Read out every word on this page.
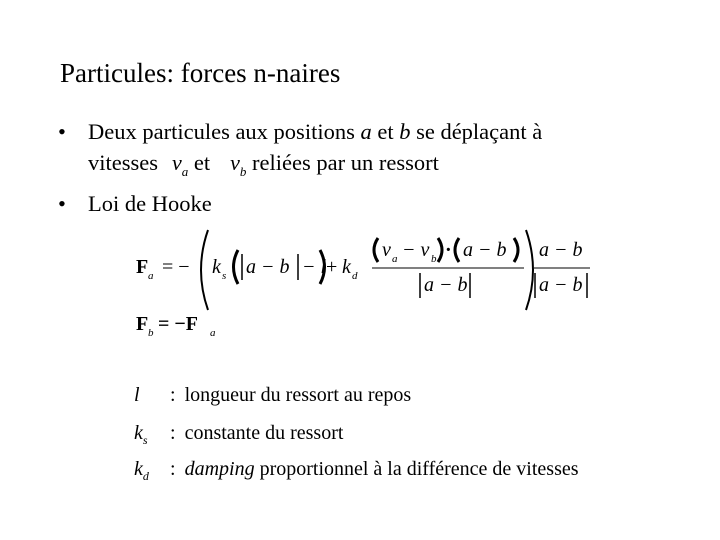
Particules: forces n-naires
• Deux particules aux positions a et b se déplaçant à
vitesses $v_a$ et $v_b$ reliées par un ressort
• Loi de Hooke
F a = − k s a − b − l + k d
v a − v b · a − b
a − b
a − b
a − b
F b = −F a
l : longueur du ressort au repos
$k_s$ : constante du ressort
$k_d$ : damping proportionnel à la différence de vitesses
